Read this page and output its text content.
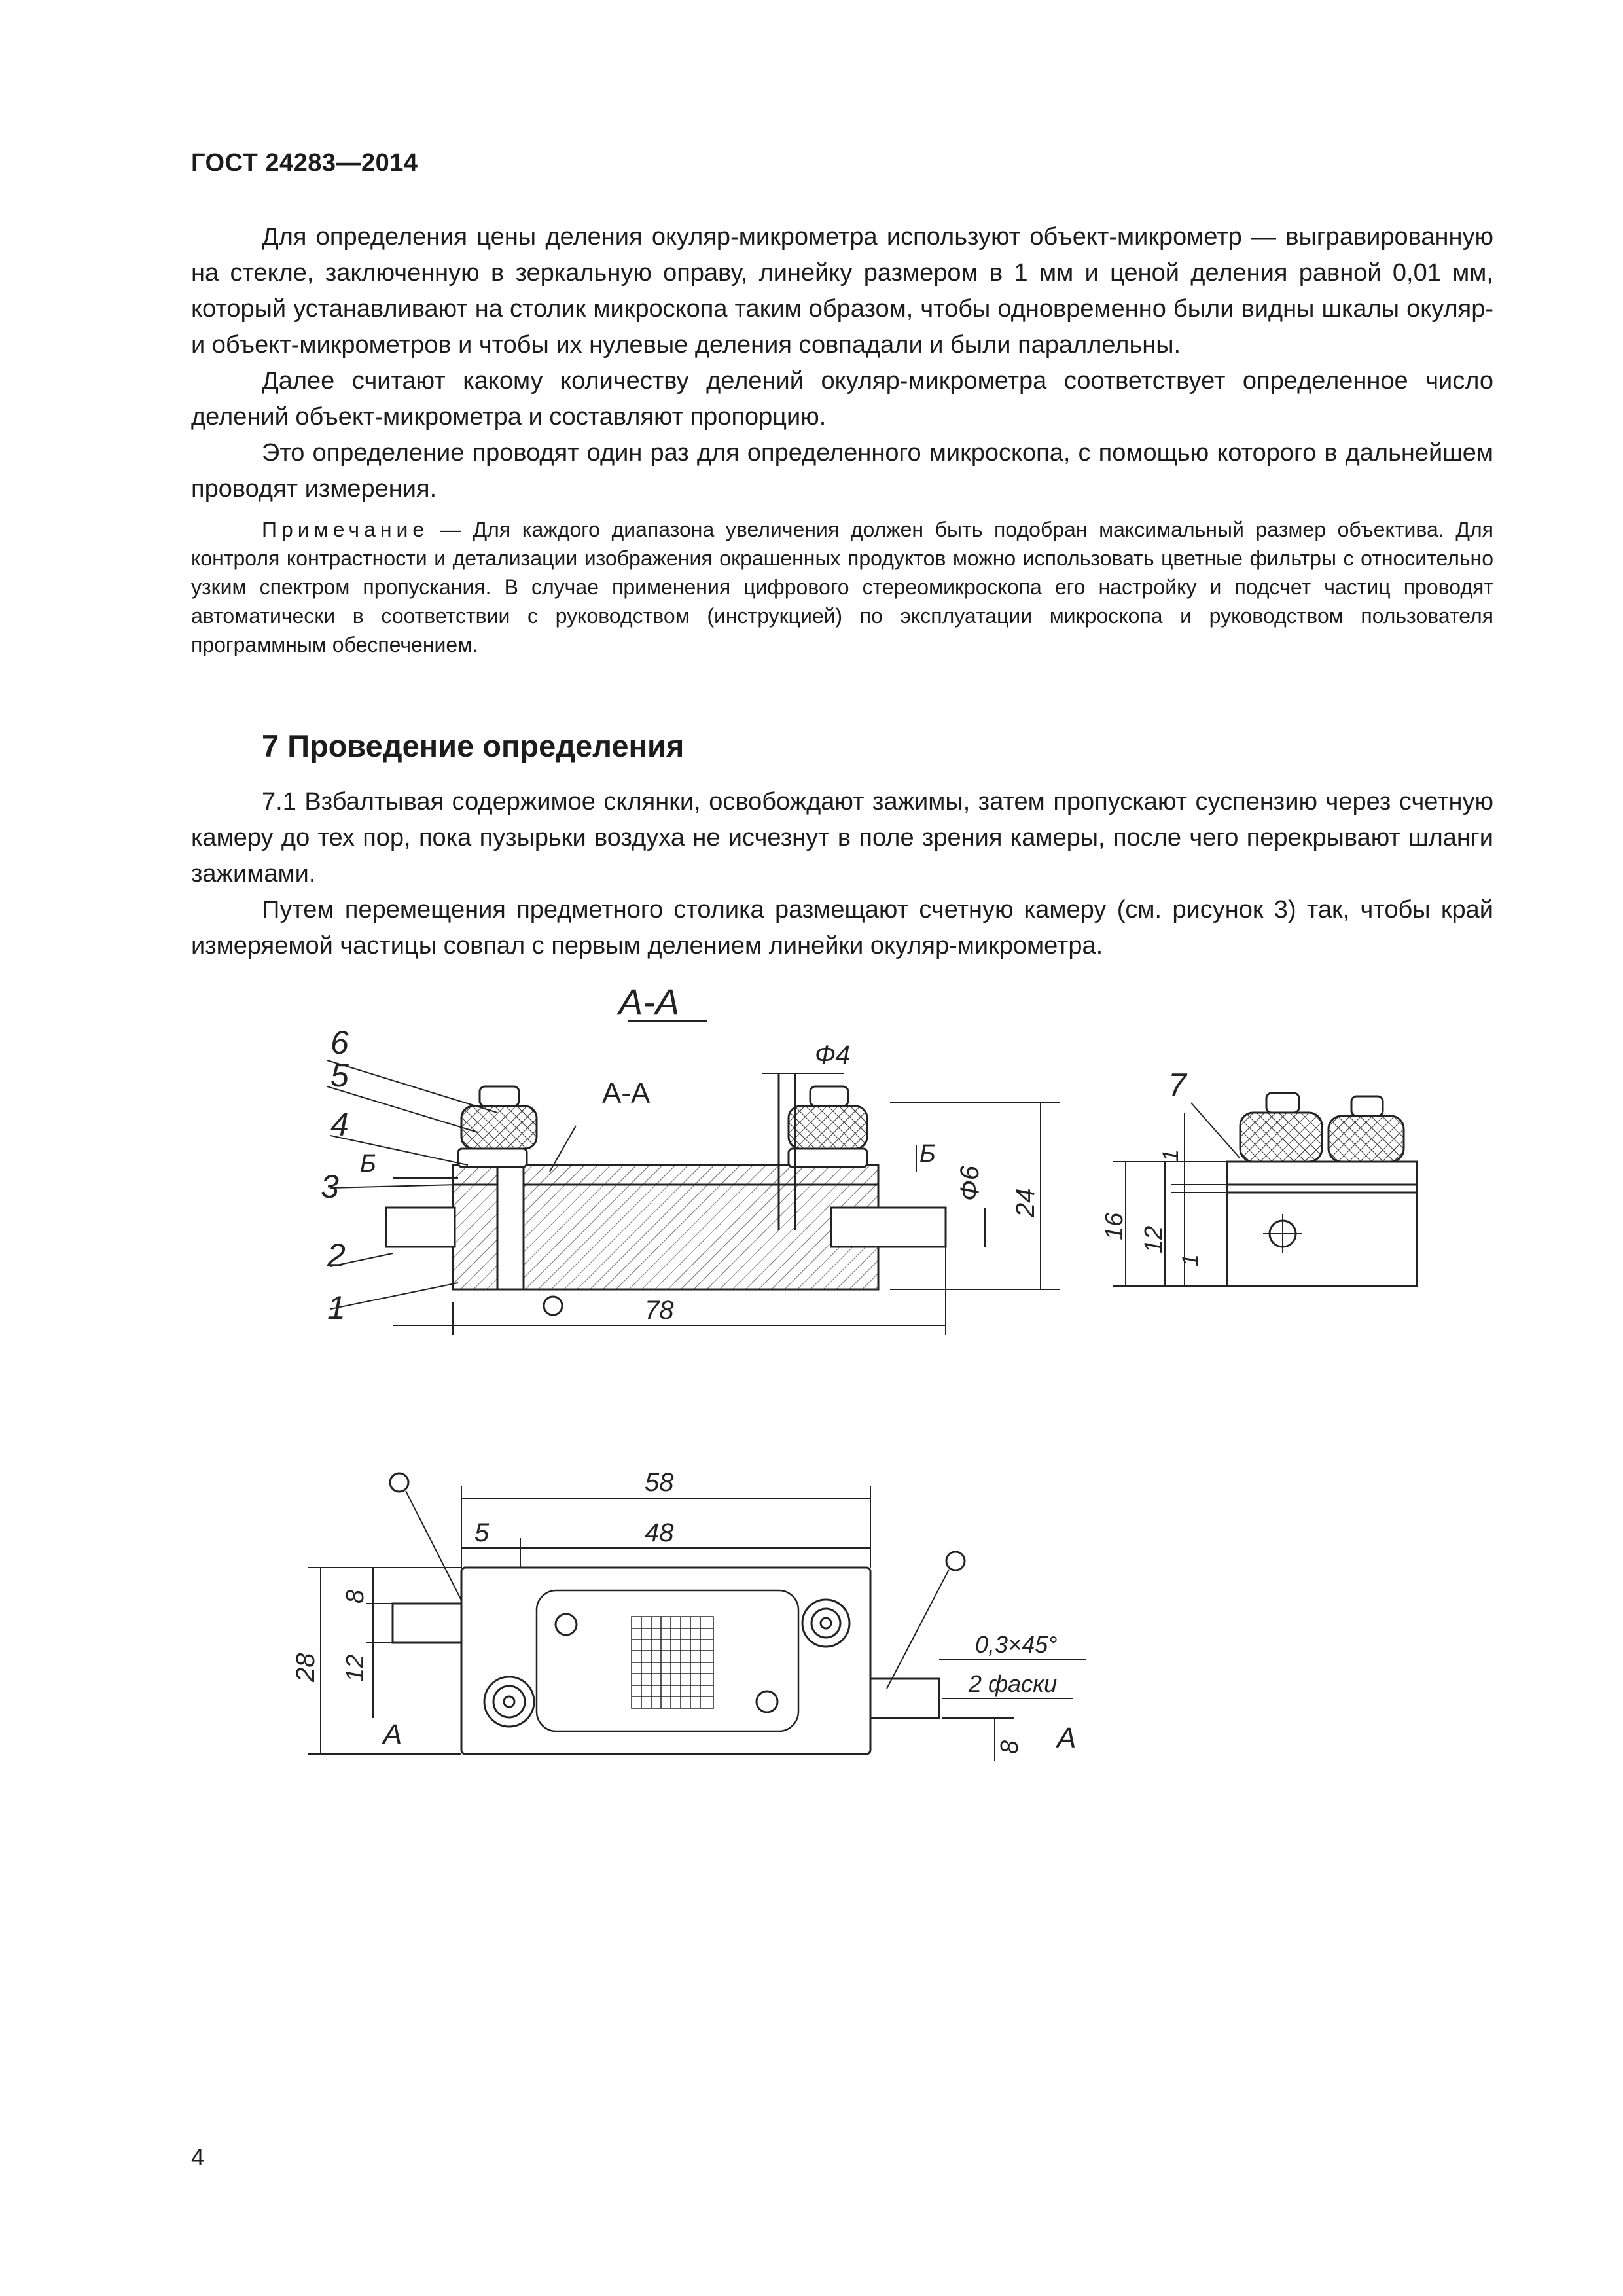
ГОСТ 24283—2014

Для определения цены деления окуляр-микрометра используют объект-микрометр — выгравированную на стекле, заключенную в зеркальную оправу, линейку размером в 1 мм и ценой деления равной 0,01 мм, который устанавливают на столик микроскопа таким образом, чтобы одновременно были видны шкалы окуляр- и объект-микрометров и чтобы их нулевые деления совпадали и были параллельны.

Далее считают какому количеству делений окуляр-микрометра соответствует определенное число делений объект-микрометра и составляют пропорцию.

Это определение проводят один раз для определенного микроскопа, с помощью которого в дальнейшем проводят измерения.

Примечание — Для каждого диапазона увеличения должен быть подобран максимальный размер объектива. Для контроля контрастности и детализации изображения окрашенных продуктов можно использовать цветные фильтры с относительно узким спектром пропускания. В случае применения цифрового стереомикроскопа его настройку и подсчет частиц проводят автоматически в соответствии с руководством (инструкцией) по эксплуатации микроскопа и руководством пользователя программным обеспечением.

7 Проведение определения

7.1 Взбалтывая содержимое склянки, освобождают зажимы, затем пропускают суспензию через счетную камеру до тех пор, пока пузырьки воздуха не исчезнут в поле зрения камеры, после чего перекрывают шланги зажимами.

Путем перемещения предметного столика размещают счетную камеру (см. рисунок 3) так, чтобы край измеряемой частицы совпал с первым делением линейки окуляр-микрометра.

А-А
А-А
6
5
4
3
2
1
Б	Б
Ф4
Ф6
24
78
7
16 12
1
1
58
48
5
28
8
12
8
0,3×45°
2 фаски
А	А
4
